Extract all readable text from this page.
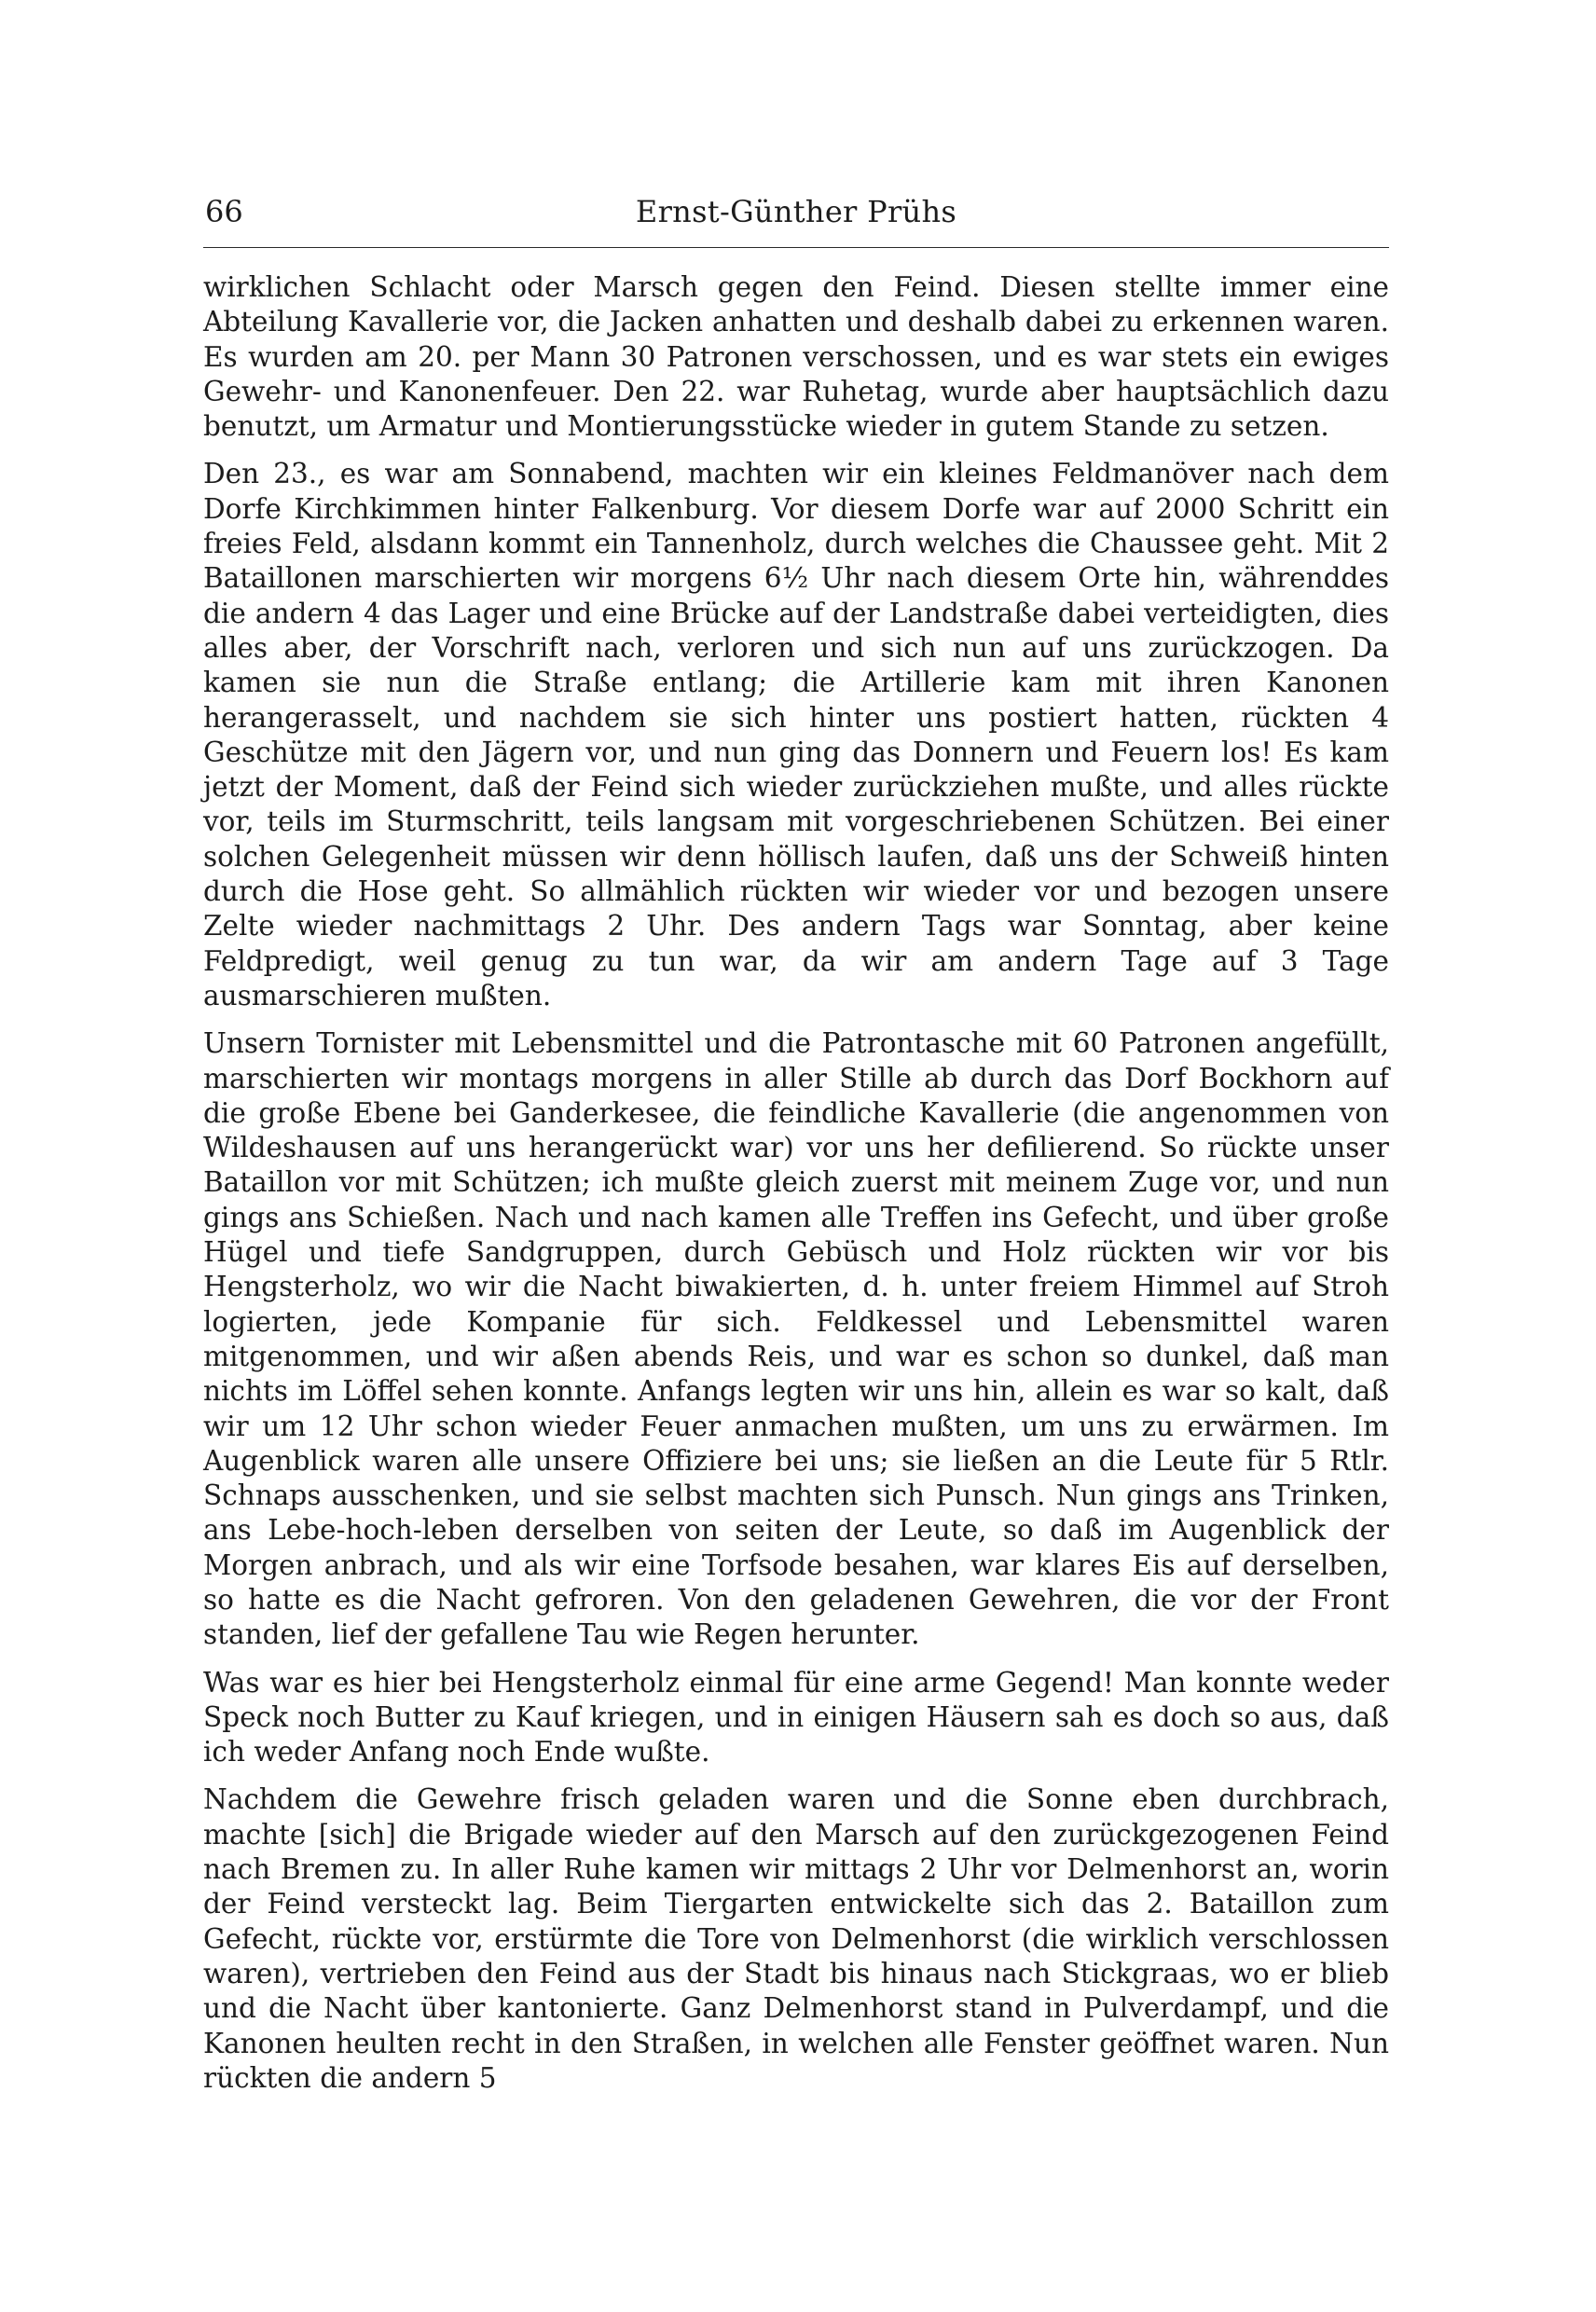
66	Ernst-Günther Prühs

wirklichen Schlacht oder Marsch gegen den Feind. Diesen stellte immer eine Abteilung Kavallerie vor, die Jacken anhatten und deshalb dabei zu erkennen waren. Es wurden am 20. per Mann 30 Patronen verschossen, und es war stets ein ewiges Gewehr- und Kanonenfeuer. Den 22. war Ruhetag, wurde aber hauptsächlich dazu benutzt, um Armatur und Montierungsstücke wieder in gutem Stande zu setzen.

Den 23., es war am Sonnabend, machten wir ein kleines Feldmanöver nach dem Dorfe Kirchkimmen hinter Falkenburg. Vor diesem Dorfe war auf 2000 Schritt ein freies Feld, alsdann kommt ein Tannenholz, durch welches die Chaussee geht. Mit 2 Bataillonen marschierten wir morgens 6½ Uhr nach diesem Orte hin, währenddes die andern 4 das Lager und eine Brücke auf der Landstraße dabei verteidigten, dies alles aber, der Vorschrift nach, verloren und sich nun auf uns zurückzogen. Da kamen sie nun die Straße entlang; die Artillerie kam mit ihren Kanonen herangerasselt, und nachdem sie sich hinter uns postiert hatten, rückten 4 Geschütze mit den Jägern vor, und nun ging das Donnern und Feuern los! Es kam jetzt der Moment, daß der Feind sich wieder zurückziehen mußte, und alles rückte vor, teils im Sturmschritt, teils langsam mit vorgeschriebenen Schützen. Bei einer solchen Gelegenheit müssen wir denn höllisch laufen, daß uns der Schweiß hinten durch die Hose geht. So allmählich rückten wir wieder vor und bezogen unsere Zelte wieder nachmittags 2 Uhr. Des andern Tags war Sonntag, aber keine Feldpredigt, weil genug zu tun war, da wir am andern Tage auf 3 Tage ausmarschieren mußten.

Unsern Tornister mit Lebensmittel und die Patrontasche mit 60 Patronen angefüllt, marschierten wir montags morgens in aller Stille ab durch das Dorf Bockhorn auf die große Ebene bei Ganderkesee, die feindliche Kavallerie (die angenommen von Wildeshausen auf uns herangerückt war) vor uns her defilierend. So rückte unser Bataillon vor mit Schützen; ich mußte gleich zuerst mit meinem Zuge vor, und nun gings ans Schießen. Nach und nach kamen alle Treffen ins Gefecht, und über große Hügel und tiefe Sandgruppen, durch Gebüsch und Holz rückten wir vor bis Hengsterholz, wo wir die Nacht biwakierten, d. h. unter freiem Himmel auf Stroh logierten, jede Kompanie für sich. Feldkessel und Lebensmittel waren mitgenommen, und wir aßen abends Reis, und war es schon so dunkel, daß man nichts im Löffel sehen konnte. Anfangs legten wir uns hin, allein es war so kalt, daß wir um 12 Uhr schon wieder Feuer anmachen mußten, um uns zu erwärmen. Im Augenblick waren alle unsere Offiziere bei uns; sie ließen an die Leute für 5 Rtlr. Schnaps ausschenken, und sie selbst machten sich Punsch. Nun gings ans Trinken, ans Lebe-hoch-leben derselben von seiten der Leute, so daß im Augenblick der Morgen anbrach, und als wir eine Torfsode besahen, war klares Eis auf derselben, so hatte es die Nacht gefroren. Von den geladenen Gewehren, die vor der Front standen, lief der gefallene Tau wie Regen herunter.

Was war es hier bei Hengsterholz einmal für eine arme Gegend! Man konnte weder Speck noch Butter zu Kauf kriegen, und in einigen Häusern sah es doch so aus, daß ich weder Anfang noch Ende wußte.

Nachdem die Gewehre frisch geladen waren und die Sonne eben durchbrach, machte [sich] die Brigade wieder auf den Marsch auf den zurückgezogenen Feind nach Bremen zu. In aller Ruhe kamen wir mittags 2 Uhr vor Delmenhorst an, worin der Feind versteckt lag. Beim Tiergarten entwickelte sich das 2. Bataillon zum Gefecht, rückte vor, erstürmte die Tore von Delmenhorst (die wirklich verschlossen waren), vertrieben den Feind aus der Stadt bis hinaus nach Stickgraas, wo er blieb und die Nacht über kantonierte. Ganz Delmenhorst stand in Pulverdampf, und die Kanonen heulten recht in den Straßen, in welchen alle Fenster geöffnet waren. Nun rückten die andern 5
